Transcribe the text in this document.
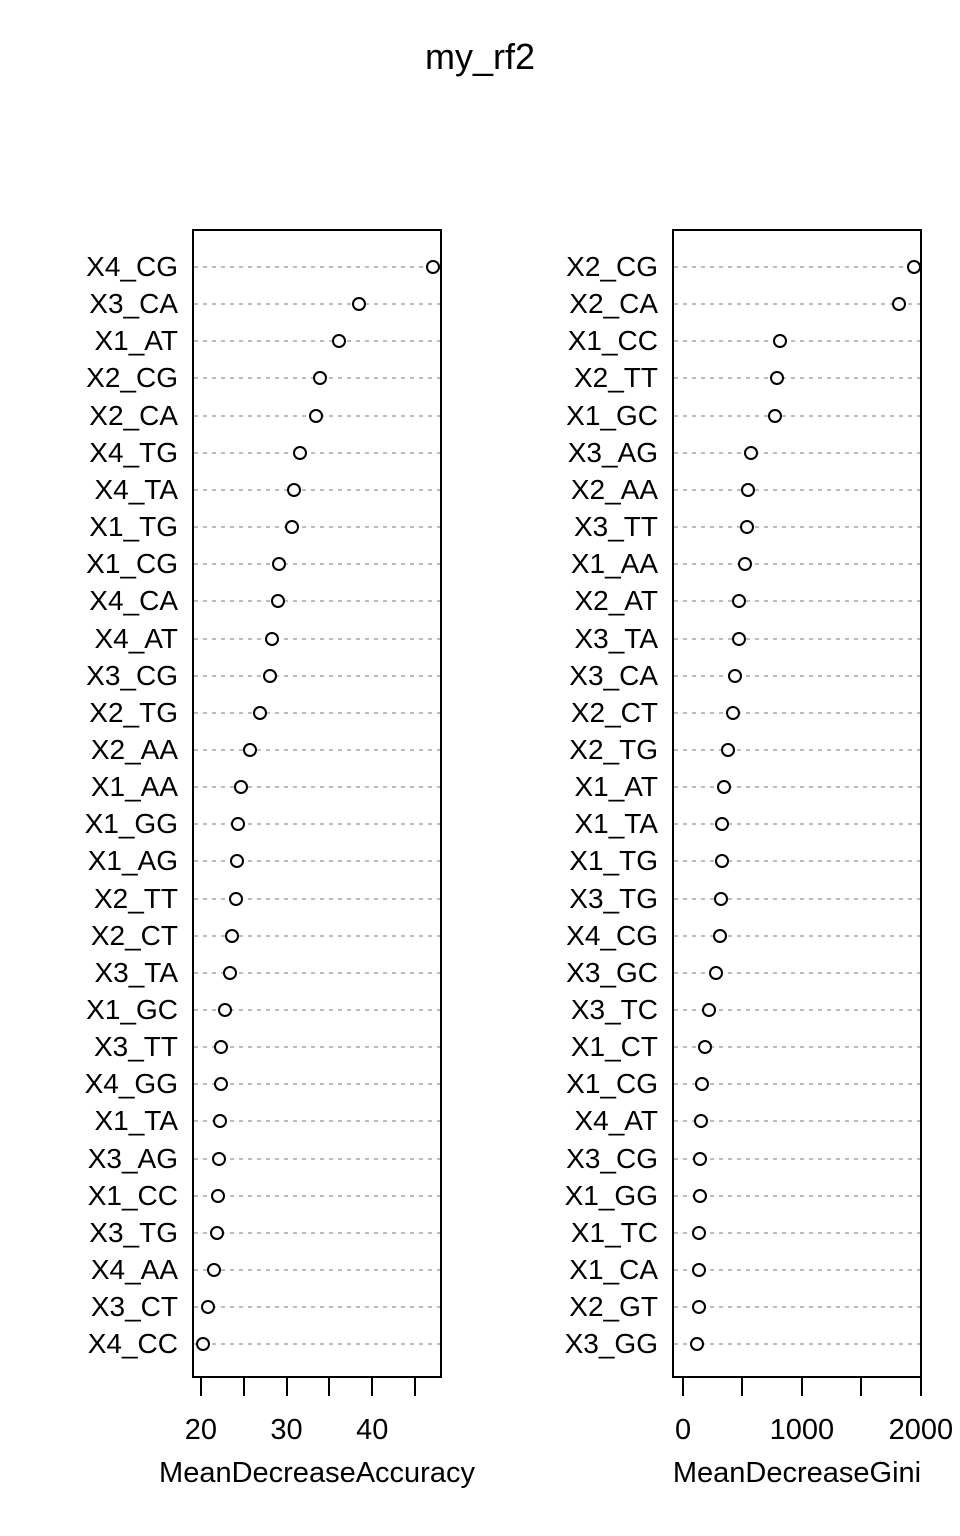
my_rf2
X4_CG
X3_CA
X1_AT
X2_CG
X2_CA
X4_TG
X4_TA
X1_TG
X1_CG
X4_CA
X4_AT
X3_CG
X2_TG
X2_AA
X1_AA
X1_GG
X1_AG
X2_TT
X2_CT
X3_TA
X1_GC
X3_TT
X4_GG
X1_TA
X3_AG
X1_CC
X3_TG
X4_AA
X3_CT
X4_CC
20	30	40
MeanDecreaseAccuracy
X2_CG
X2_CA
X1_CC
X2_TT
X1_GC
X3_AG
X2_AA
X3_TT
X1_AA
X2_AT
X3_TA
X3_CA
X2_CT
X2_TG
X1_AT
X1_TA
X1_TG
X3_TG
X4_CG
X3_GC
X3_TC
X1_CT
X1_CG
X4_AT
X3_CG
X1_GG
X1_TC
X1_CA
X2_GT
X3_GG
0	1000	2000
MeanDecreaseGini
